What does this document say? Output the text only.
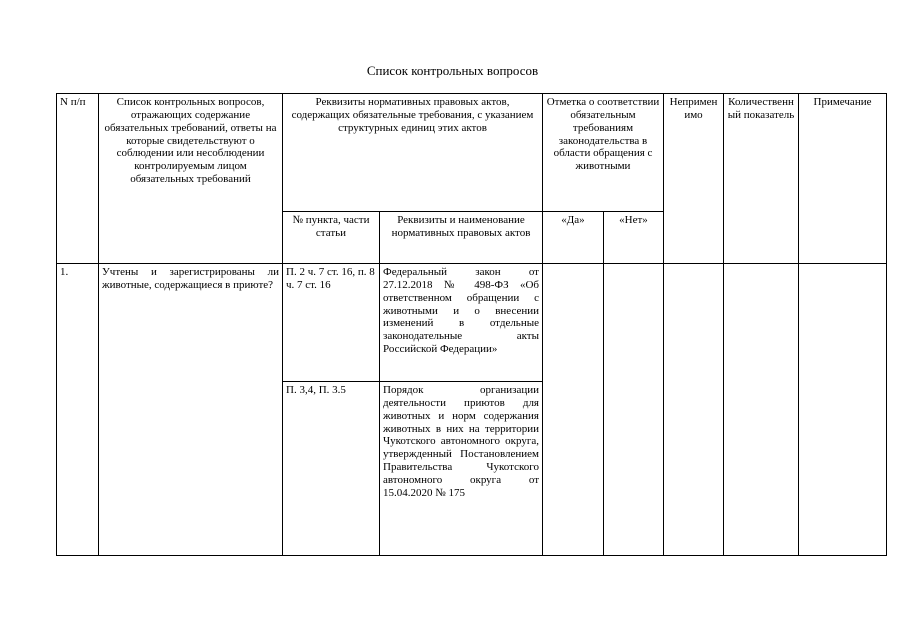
Список контрольных вопросов
N п/п	Список контрольных вопросов, отражающих содержание обязательных требований, ответы на которые свидетельствуют о соблюдении или несоблюдении контролируемым лицом обязательных требований	Реквизиты нормативных правовых актов, содержащих обязательные требования, с указанием структурных единиц этих актов		Отметка о соответствии обязательным требованиям законодательства в области обращения с животными		Неприменимо	Количественный показатель	Примечание
		№ пункта, части статьи	Реквизиты и наименование нормативных правовых актов	«Да»	«Нет»			
1.	Учтены и зарегистрированы ли животные, содержащиеся в приюте?	П. 2 ч. 7 ст. 16, п. 8 ч. 7 ст. 16	Федеральный закон от 27.12.2018 № 498-ФЗ «Об ответственном обращении с животными и о внесении изменений в отдельные законодательные акты Российской Федерации»					

		П. 3,4, П. 3.5	Порядок организации деятельности приютов для животных и норм содержания животных в них на территории Чукотского автономного округа, утвержденный Постановлением Правительства Чукотского автономного округа от 15.04.2020 № 175					
